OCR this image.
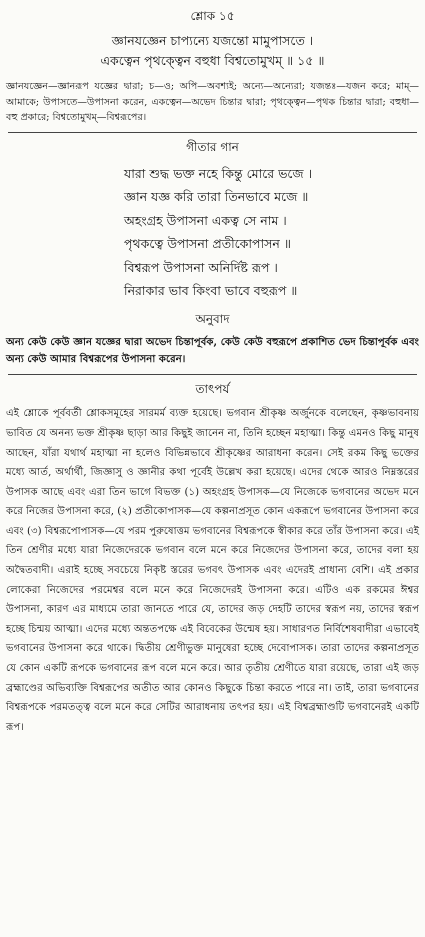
শ্লোক ১৫
জ্ঞানযজ্ঞেন চাপ্যন্যে যজন্তো মামুপাসতে ।
একত্বেন পৃথক্ত্বেন বহুধা বিশ্বতোমুখম্‌ ॥ ১৫ ॥
জ্ঞানযজ্ঞেন—জ্ঞানরূপ যজ্ঞের দ্বারা; চ—ও; অপি—অবশ্যই; অন্যে—অন্যেরা; যজন্তঃ—যজন করে; মাম্‌—আমাকে; উপাসতে—উপাসনা করেন, একত্বেন—অভেদ চিন্তার দ্বারা; পৃথক্ত্বেন—পৃথক চিন্তার দ্বারা; বহুধা—বহু প্রকারে; বিশ্বতোমুখম্‌—বিশ্বরূপের।
গীতার গান
যারা শুদ্ধ ভক্ত নহে কিন্তু মোরে ভজে ।
জ্ঞান যজ্ঞ করি তারা তিনভাবে মজে ॥
অহংগ্রহ উপাসনা একত্ব সে নাম ।
পৃথকত্বে উপাসনা প্রতীকোপাসন ॥
বিশ্বরূপ উপাসনা অনির্দিষ্ট রূপ ।
নিরাকার ভাব কিংবা ভাবে বহুরূপ ॥
অনুবাদ

অন্য কেউ কেউ জ্ঞান যজ্ঞের দ্বারা অভেদ চিন্তাপূর্বক, কেউ কেউ বহুরূপে প্রকাশিত ভেদ চিন্তাপূর্বক এবং অন্য কেউ আমার বিশ্বরূপের উপাসনা করেন।

তাৎপর্য

এই শ্লোকে পূর্ববর্তী শ্লোকসমূহের সারমর্ম ব্যক্ত হয়েছে। ভগবান শ্রীকৃষ্ণ অর্জুনকে বলেছেন, কৃষ্ণভাবনায় ভাবিত যে অনন্য ভক্ত শ্রীকৃষ্ণ ছাড়া আর কিছুই জানেন না, তিনি হচ্ছেন মহাত্মা। কিন্তু এমনও কিছু মানুষ আছেন, যাঁরা যথার্থ মহাত্মা না হলেও বিভিন্নভাবে শ্রীকৃষ্ণের আরাধনা করেন। সেই রকম কিছু ভক্তের মধ্যে আর্ত, অর্থার্থী, জিজ্ঞাসু ও জ্ঞানীর কথা পূর্বেই উল্লেখ করা হয়েছে। এদের থেকে আরও নিম্নস্তরের উপাসক আছে এবং এরা তিন ভাগে বিভক্ত (১) অহংগ্রহ উপাসক—যে নিজেকে ভগবানের অভেদ মনে করে নিজের উপাসনা করে, (২) প্রতীকোপাসক—যে কল্পনাপ্রসূত কোন একরূপে ভগবানের উপাসনা করে এবং (৩) বিশ্বরূপোপাসক—যে পরম পুরুষোত্তম ভগবানের বিশ্বরূপকে স্বীকার করে তাঁর উপাসনা করে। এই তিন শ্রেণীর মধ্যে যারা নিজেদেরকে ভগবান বলে মনে করে নিজেদের উপাসনা করে, তাদের বলা হয় অদ্বৈতবাদী। এরাই হচ্ছে সবচেয়ে নিকৃষ্ট স্তরের ভগবৎ উপাসক এবং এদেরই প্রাধান্য বেশি। এই প্রকার লোকেরা নিজেদের পরমেশ্বর বলে মনে করে নিজেদেরই উপাসনা করে। এটিও এক রকমের ঈশ্বর উপাসনা, কারণ এর মাধ্যমে তারা জানতে পারে যে, তাদের জড় দেহটি তাদের স্বরূপ নয়, তাদের স্বরূপ হচ্ছে চিন্ময় আত্মা। এদের মধ্যে অন্ততপক্ষে এই বিবেকের উন্মেষ হয়। সাধারণত নির্বিশেষবাদীরা এভাবেই ভগবানের উপাসনা করে থাকে। দ্বিতীয় শ্রেণীভুক্ত মানুষেরা হচ্ছে দেবোপাসক। তারা তাদের কল্পনাপ্রসূত যে কোন একটি রূপকে ভগবানের রূপ বলে মনে করে। আর তৃতীয় শ্রেণীতে যারা রয়েছে, তারা এই জড় ব্রহ্মাণ্ডের অভিব্যক্তি বিশ্বরূপের অতীত আর কোনও কিছুকে চিন্তা করতে পারে না। তাই, তারা ভগবানের বিশ্বরূপকে পরমতত্ত্ব বলে মনে করে সেটির আরাধনায় তৎপর হয়। এই বিশ্বব্রহ্মাণ্ডটি ভগবানেরই একটি রূপ।
